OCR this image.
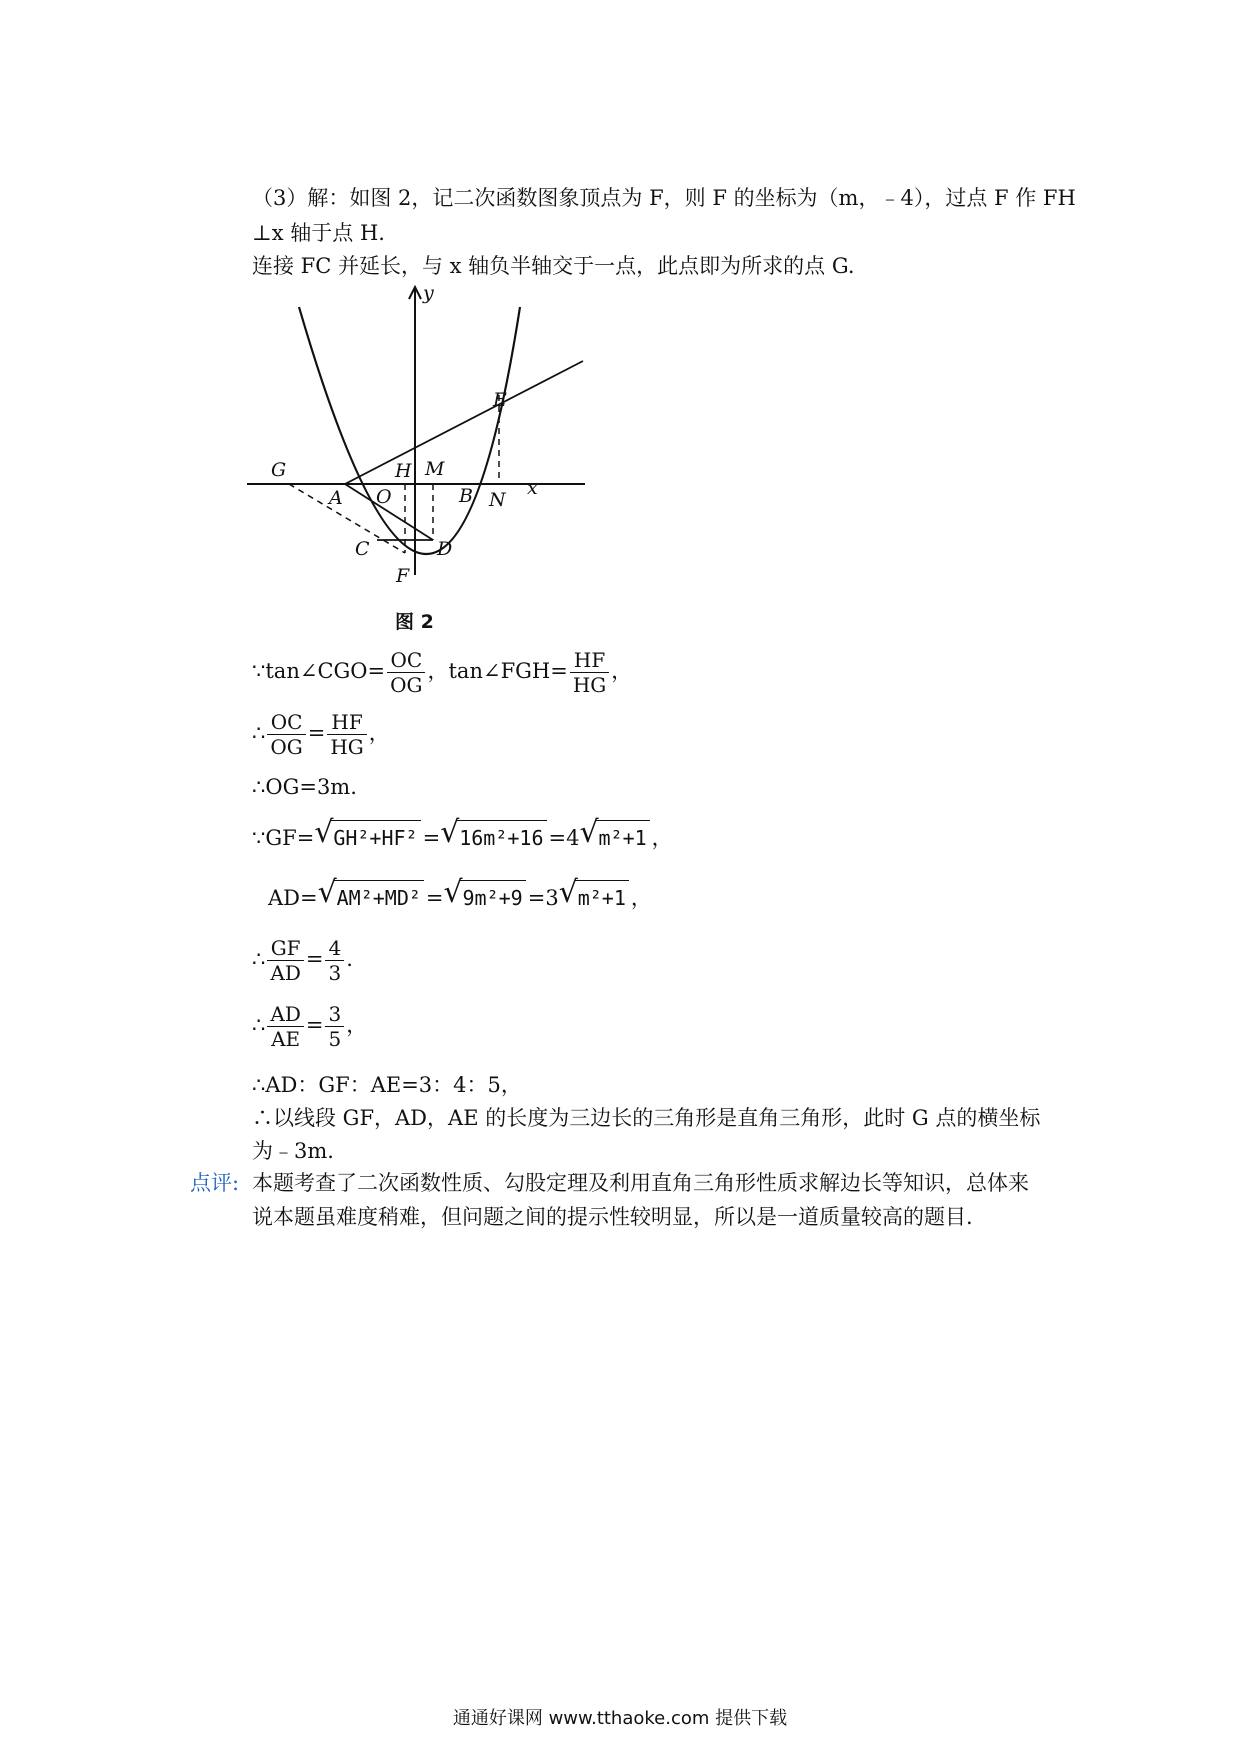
（3）解：如图 2，记二次函数图象顶点为 F，则 F 的坐标为（m，﹣4），过点 F 作 FH
⊥x 轴于点 H.
连接 FC 并延长，与 x 轴负半轴交于一点，此点即为所求的点 G.
y
x
G	H M
E
A O	B N
C	D
F
图 2
∵tan∠CGO= $\frac{OC}{OG}$ ，tan∠FGH= $\frac{HF}{HG}$ ，
∴ $\frac{OC}{OG} = \frac{HF}{HG}$ ，
∴OG=3m.
∵GF= √ GH²+HF² = √ 16m²+16 =4 √ m²+1 ，
AD= √ AM²+MD² = √ 9m²+9 =3 √ m²+1 ，
∴ $\frac{GF}{AD} = \frac{4}{3}$ .
∴ $\frac{AD}{AE} = \frac{3}{5}$ ，
∴AD：GF：AE=3：4：5，
∴以线段 GF，AD，AE 的长度为三边长的三角形是直角三角形，此时 G 点的横坐标
为﹣3m.
点评: 本题考查了二次函数性质、勾股定理及利用直角三角形性质求解边长等知识，总体来
说本题虽难度稍难，但问题之间的提示性较明显，所以是一道质量较高的题目.
通通好课网 www.tthaoke.com 提供下载
